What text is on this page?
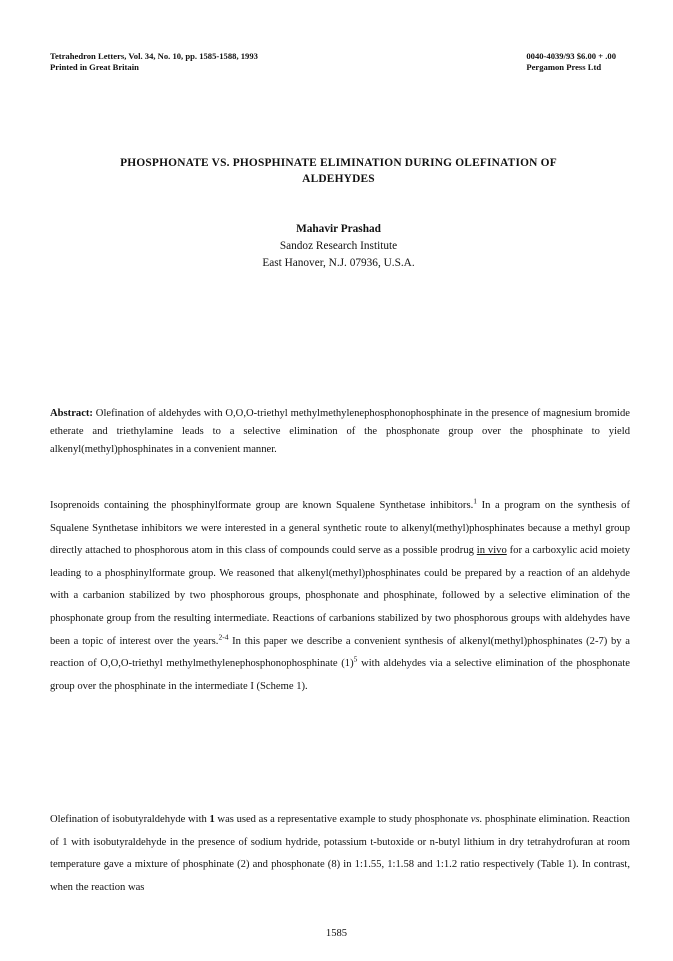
Tetrahedron Letters, Vol. 34, No. 10, pp. 1585-1588, 1993
Printed in Great Britain
0040-4039/93 $6.00 + .00
Pergamon Press Ltd
PHOSPHONATE VS. PHOSPHINATE ELIMINATION DURING OLEFINATION OF
ALDEHYDES
Mahavir Prashad
Sandoz Research Institute
East Hanover, N.J. 07936, U.S.A.
Abstract: Olefination of aldehydes with O,O,O-triethyl methylmethylenephosphonophosphinate in the presence of magnesium bromide etherate and triethylamine leads to a selective elimination of the phosphonate group over the phosphinate to yield alkenyl(methyl)phosphinates in a convenient manner.
Isoprenoids containing the phosphinylformate group are known Squalene Synthetase inhibitors.$^1$ In a program on the synthesis of Squalene Synthetase inhibitors we were interested in a general synthetic route to alkenyl(methyl)phosphinates because a methyl group directly attached to phosphorous atom in this class of compounds could serve as a possible prodrug in vivo for a carboxylic acid moiety leading to a phosphinylformate group. We reasoned that alkenyl(methyl)phosphinates could be prepared by a reaction of an aldehyde with a carbanion stabilized by two phosphorous groups, phosphonate and phosphinate, followed by a selective elimination of the phosphonate group from the resulting intermediate. Reactions of carbanions stabilized by two phosphorous groups with aldehydes have been a topic of interest over the years.$^{2-4}$ In this paper we describe a convenient synthesis of alkenyl(methyl)phosphinates (2-7) by a reaction of O,O,O-triethyl methylmethylenephosphonophosphinate $(1)^5$ with aldehydes via a selective elimination of the phosphonate group over the phosphinate in the intermediate I (Scheme 1).
Olefination of isobutyraldehyde with 1 was used as a representative example to study phosphonate vs. phosphinate elimination. Reaction of 1 with isobutyraldehyde in the presence of sodium hydride, potassium t-butoxide or n-butyl lithium in dry tetrahydrofuran at room temperature gave a mixture of phosphinate (2) and phosphonate (8) in 1:1.55, 1:1.58 and 1:1.2 ratio respectively (Table 1). In contrast, when the reaction was
1585
